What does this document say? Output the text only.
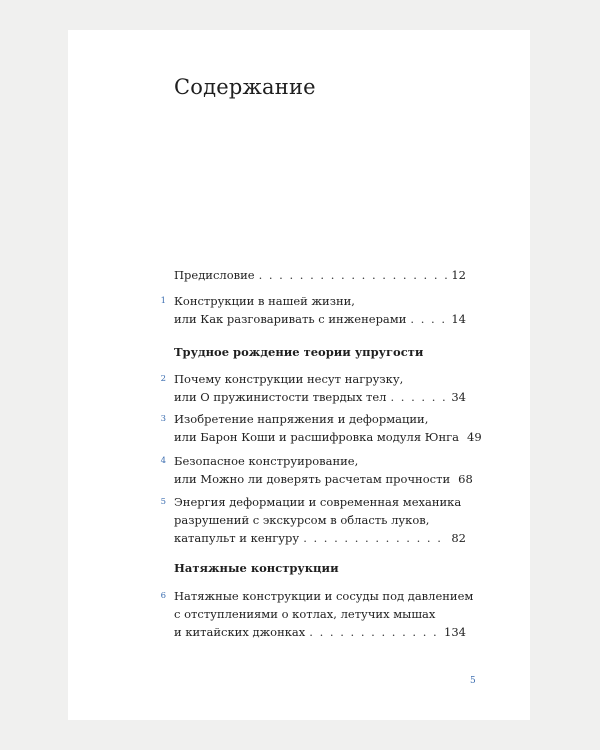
Содержание
Предисловие . . .	12
1 Конструкции в нашей жизни,
или Как разговаривать с инженерами . . .	14
Трудное рождение теории упругости
2 Почему конструкции несут нагрузку,
или О пружинистости твердых тел . . .	34
3 Изобретение напряжения и деформации,
или Барон Коши и расшифровка модуля Юнга 49
4 Безопасное конструирование,
или Можно ли доверять расчетам прочности 68
5 Энергия деформации и современная механика
разрушений с экскурсом в область луков,
катапульт и кенгуру . . .	82
Натяжные конструкции
6 Натяжные конструкции и сосуды под давлением
с отступлениями о котлах, летучих мышах
и китайских джонках . . .	134
5
